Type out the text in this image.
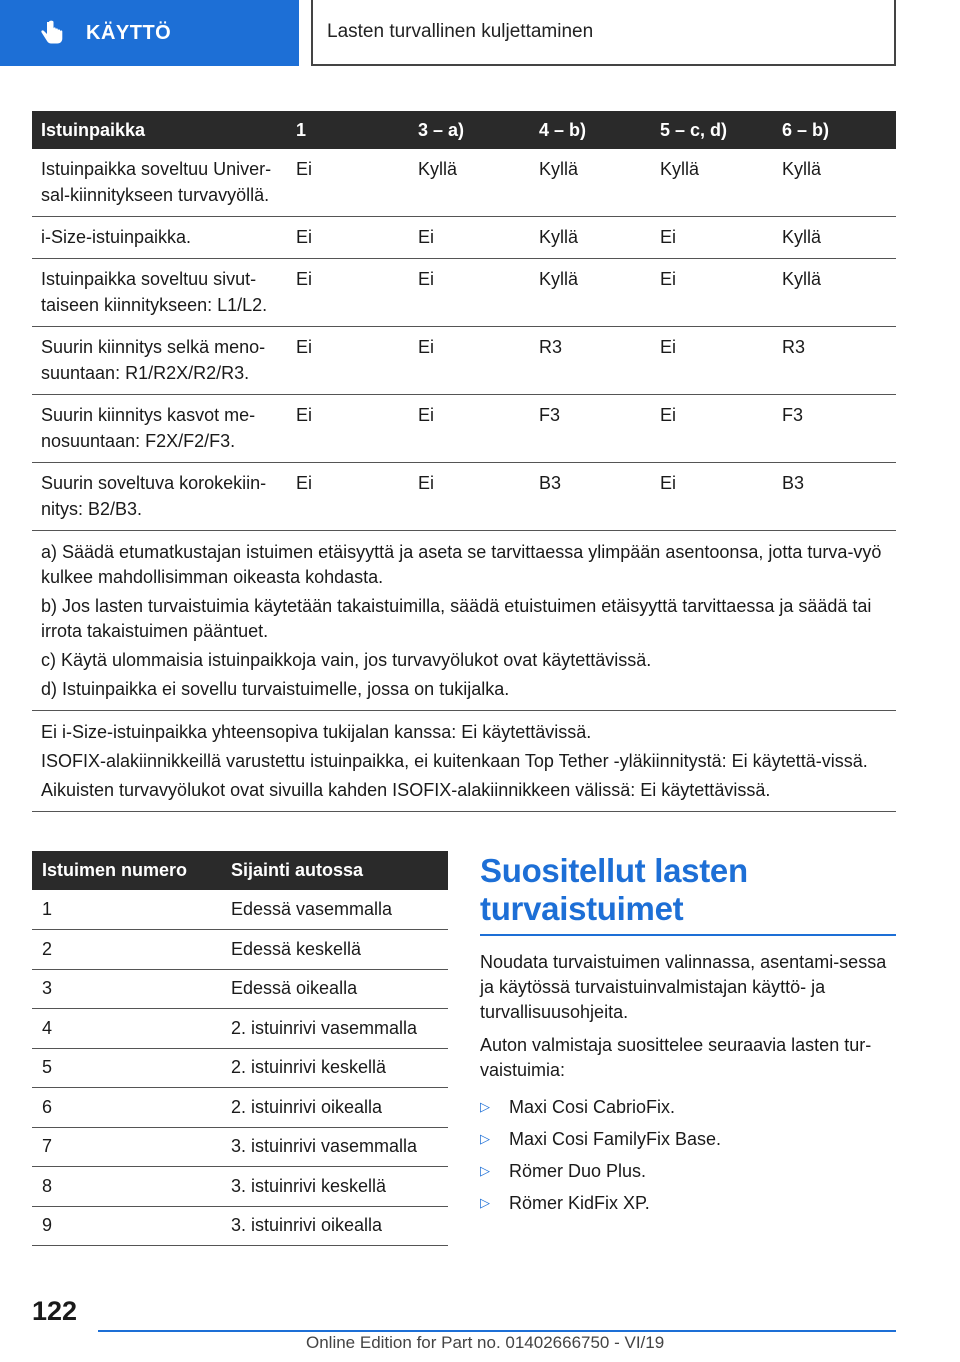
KÄYTTÖ	Lasten turvallinen kuljettaminen
Istuinpaikka	1	3 – a)	4 – b)	5 – c, d)	6 – b)
Istuinpaikka soveltuu Univer-sal-kiinnitykseen turvavyöllä.	Ei	Kyllä	Kyllä	Kyllä	Kyllä
i-Size-istuinpaikka.	Ei	Ei	Kyllä	Ei	Kyllä
Istuinpaikka soveltuu sivut-taiseen kiinnitykseen: L1/L2.	Ei	Ei	Kyllä	Ei	Kyllä
Suurin kiinnitys selkä meno-suuntaan: R1/R2X/R2/R3.	Ei	Ei	R3	Ei	R3
Suurin kiinnitys kasvot me-nosuuntaan: F2X/F2/F3.	Ei	Ei	F3	Ei	F3
Suurin soveltuva korokekiin-nitys: B2/B3.	Ei	Ei	B3	Ei	B3

a) Säädä etumatkustajan istuimen etäisyyttä ja aseta se tarvittaessa ylimpään asentoonsa, jotta turva-vyö kulkee mahdollisimman oikeasta kohdasta.
b) Jos lasten turvaistuimia käytetään takaistuimilla, säädä etuistuimen etäisyyttä tarvittaessa ja säädä tai irrota takaistuimen pääntuet.
c) Käytä ulommaisia istuinpaikkoja vain, jos turvavyölukot ovat käytettävissä.
d) Istuinpaikka ei sovellu turvaistuimelle, jossa on tukijalka.					

Ei i-Size-istuinpaikka yhteensopiva tukijalan kanssa: Ei käytettävissä.
ISOFIX-alakiinnikkeillä varustettu istuinpaikka, ei kuitenkaan Top Tether -yläkiinnitystä: Ei käytettä-vissä.
Aikuisten turvavyölukot ovat sivuilla kahden ISOFIX-alakiinnikkeen välissä: Ei käytettävissä.					
Istuimen numero	Sijainti autossa
1	Edessä vasemmalla
2	Edessä keskellä
3	Edessä oikealla
4	2. istuinrivi vasemmalla
5	2. istuinrivi keskellä
6	2. istuinrivi oikealla
7	3. istuinrivi vasemmalla
8	3. istuinrivi keskellä
9	3. istuinrivi oikealla
Suositellut lasten turvaistuimet

Noudata turvaistuimen valinnassa, asentami-sessa ja käytössä turvaistuinvalmistajan käyttö- ja turvallisuusohjeita.

Auton valmistaja suosittelee seuraavia lasten tur-vaistuimia:

▷	Maxi Cosi CabrioFix.
▷	Maxi Cosi FamilyFix Base.
▷	Römer Duo Plus.
▷	Römer KidFix XP.
122
Online Edition for Part no. 01402666750 - VI/19
